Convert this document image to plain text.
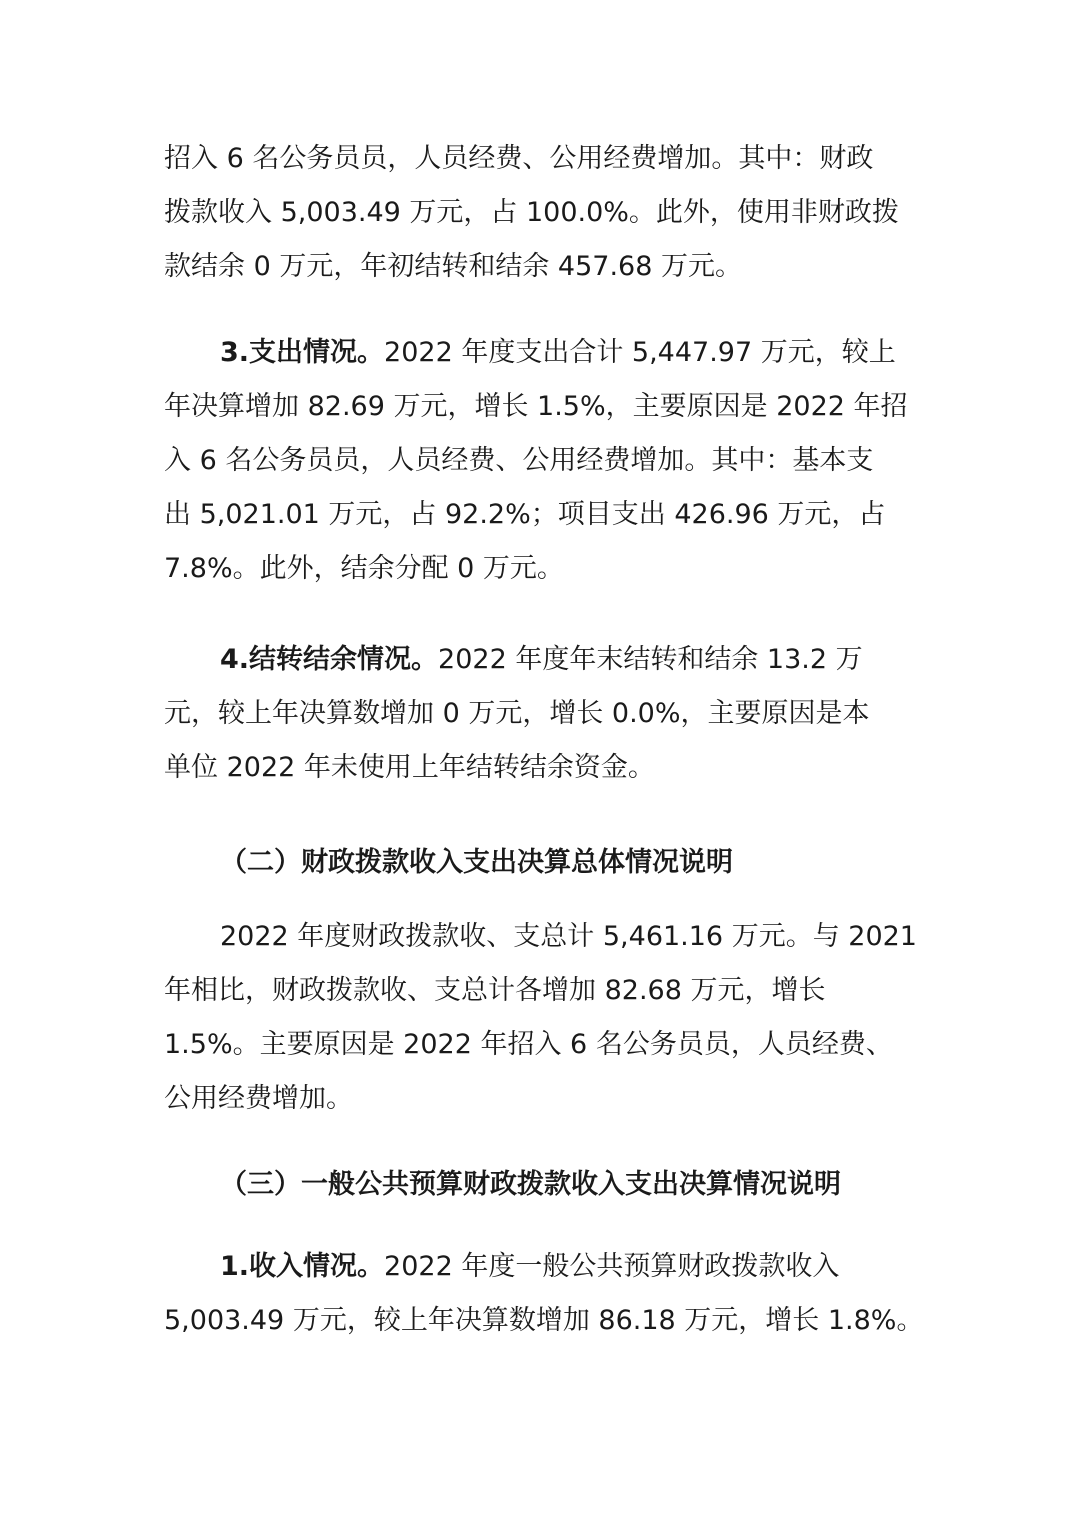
招入 6 名公务员员，人员经费、公用经费增加。其中：财政
拨款收入 5,003.49 万元，占 100.0%。此外，使用非财政拨
款结余 0 万元，年初结转和结余 457.68 万元。
3.支出情况。2022 年度支出合计 5,447.97 万元，较上
年决算增加 82.69 万元，增长 1.5%，主要原因是 2022 年招
入 6 名公务员员，人员经费、公用经费增加。其中：基本支
出 5,021.01 万元，占 92.2%；项目支出 426.96 万元，占
7.8%。此外，结余分配 0 万元。
4.结转结余情况。2022 年度年末结转和结余 13.2 万
元，较上年决算数增加 0 万元，增长 0.0%，主要原因是本
单位 2022 年未使用上年结转结余资金。
（二）财政拨款收入支出决算总体情况说明
2022 年度财政拨款收、支总计 5,461.16 万元。与 2021
年相比，财政拨款收、支总计各增加 82.68 万元，增长
1.5%。主要原因是 2022 年招入 6 名公务员员，人员经费、
公用经费增加。
（三）一般公共预算财政拨款收入支出决算情况说明
1.收入情况。2022 年度一般公共预算财政拨款收入
5,003.49 万元，较上年决算数增加 86.18 万元，增长 1.8%。
